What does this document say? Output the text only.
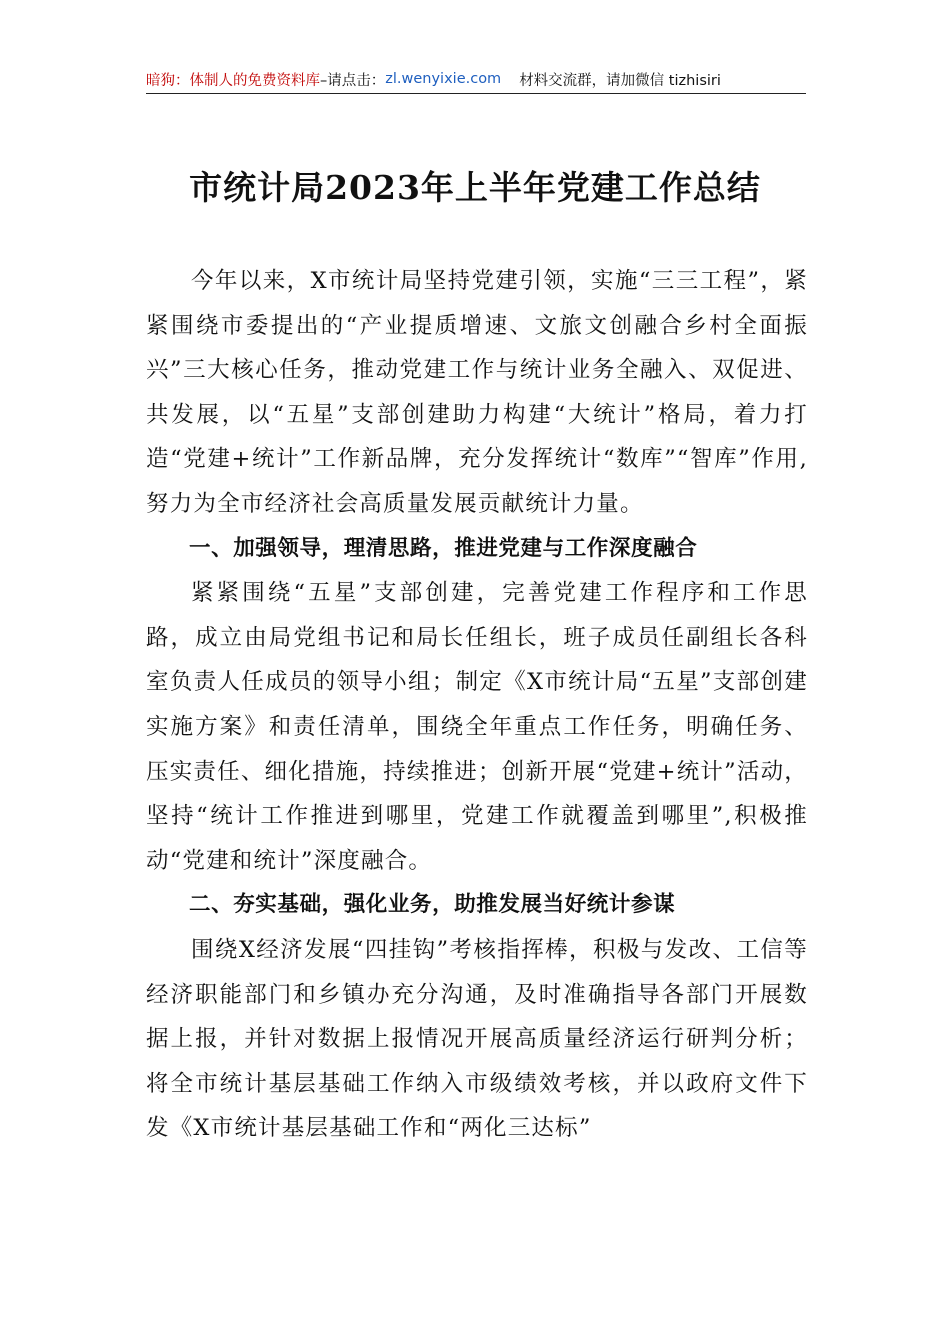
暗狗：体制人的免费资料库 –请点击： zl.wenyixie.com 材料交流群，请加微信 tizhisiri
市统计局2023年上半年党建工作总结

今年以来，X市统计局坚持党建引领，实施“三三工程”，紧紧围绕市委提出的“产业提质增速、文旅文创融合乡村全面振兴”三大核心任务，推动党建工作与统计业务全融入、双促进、共发展，以“五星”支部创建助力构建“大统计”格局，着力打造“党建+统计”工作新品牌，充分发挥统计“数库”“智库”作用,努力为全市经济社会高质量发展贡献统计力量。

一、加强领导，理清思路，推进党建与工作深度融合

紧紧围绕“五星”支部创建，完善党建工作程序和工作思路，成立由局党组书记和局长任组长，班子成员任副组长各科室负责人任成员的领导小组；制定《X市统计局“五星”支部创建实施方案》和责任清单，围绕全年重点工作任务，明确任务、压实责任、细化措施，持续推进；创新开展“党建+统计”活动，坚持“统计工作推进到哪里，党建工作就覆盖到哪里”,积极推动“党建和统计”深度融合。

二、夯实基础，强化业务，助推发展当好统计参谋

围绕X经济发展“四挂钩”考核指挥棒，积极与发改、工信等经济职能部门和乡镇办充分沟通，及时准确指导各部门开展数据上报，并针对数据上报情况开展高质量经济运行研判分析；将全市统计基层基础工作纳入市级绩效考核，并以政府文件下发《X市统计基层基础工作和“两化三达标”
